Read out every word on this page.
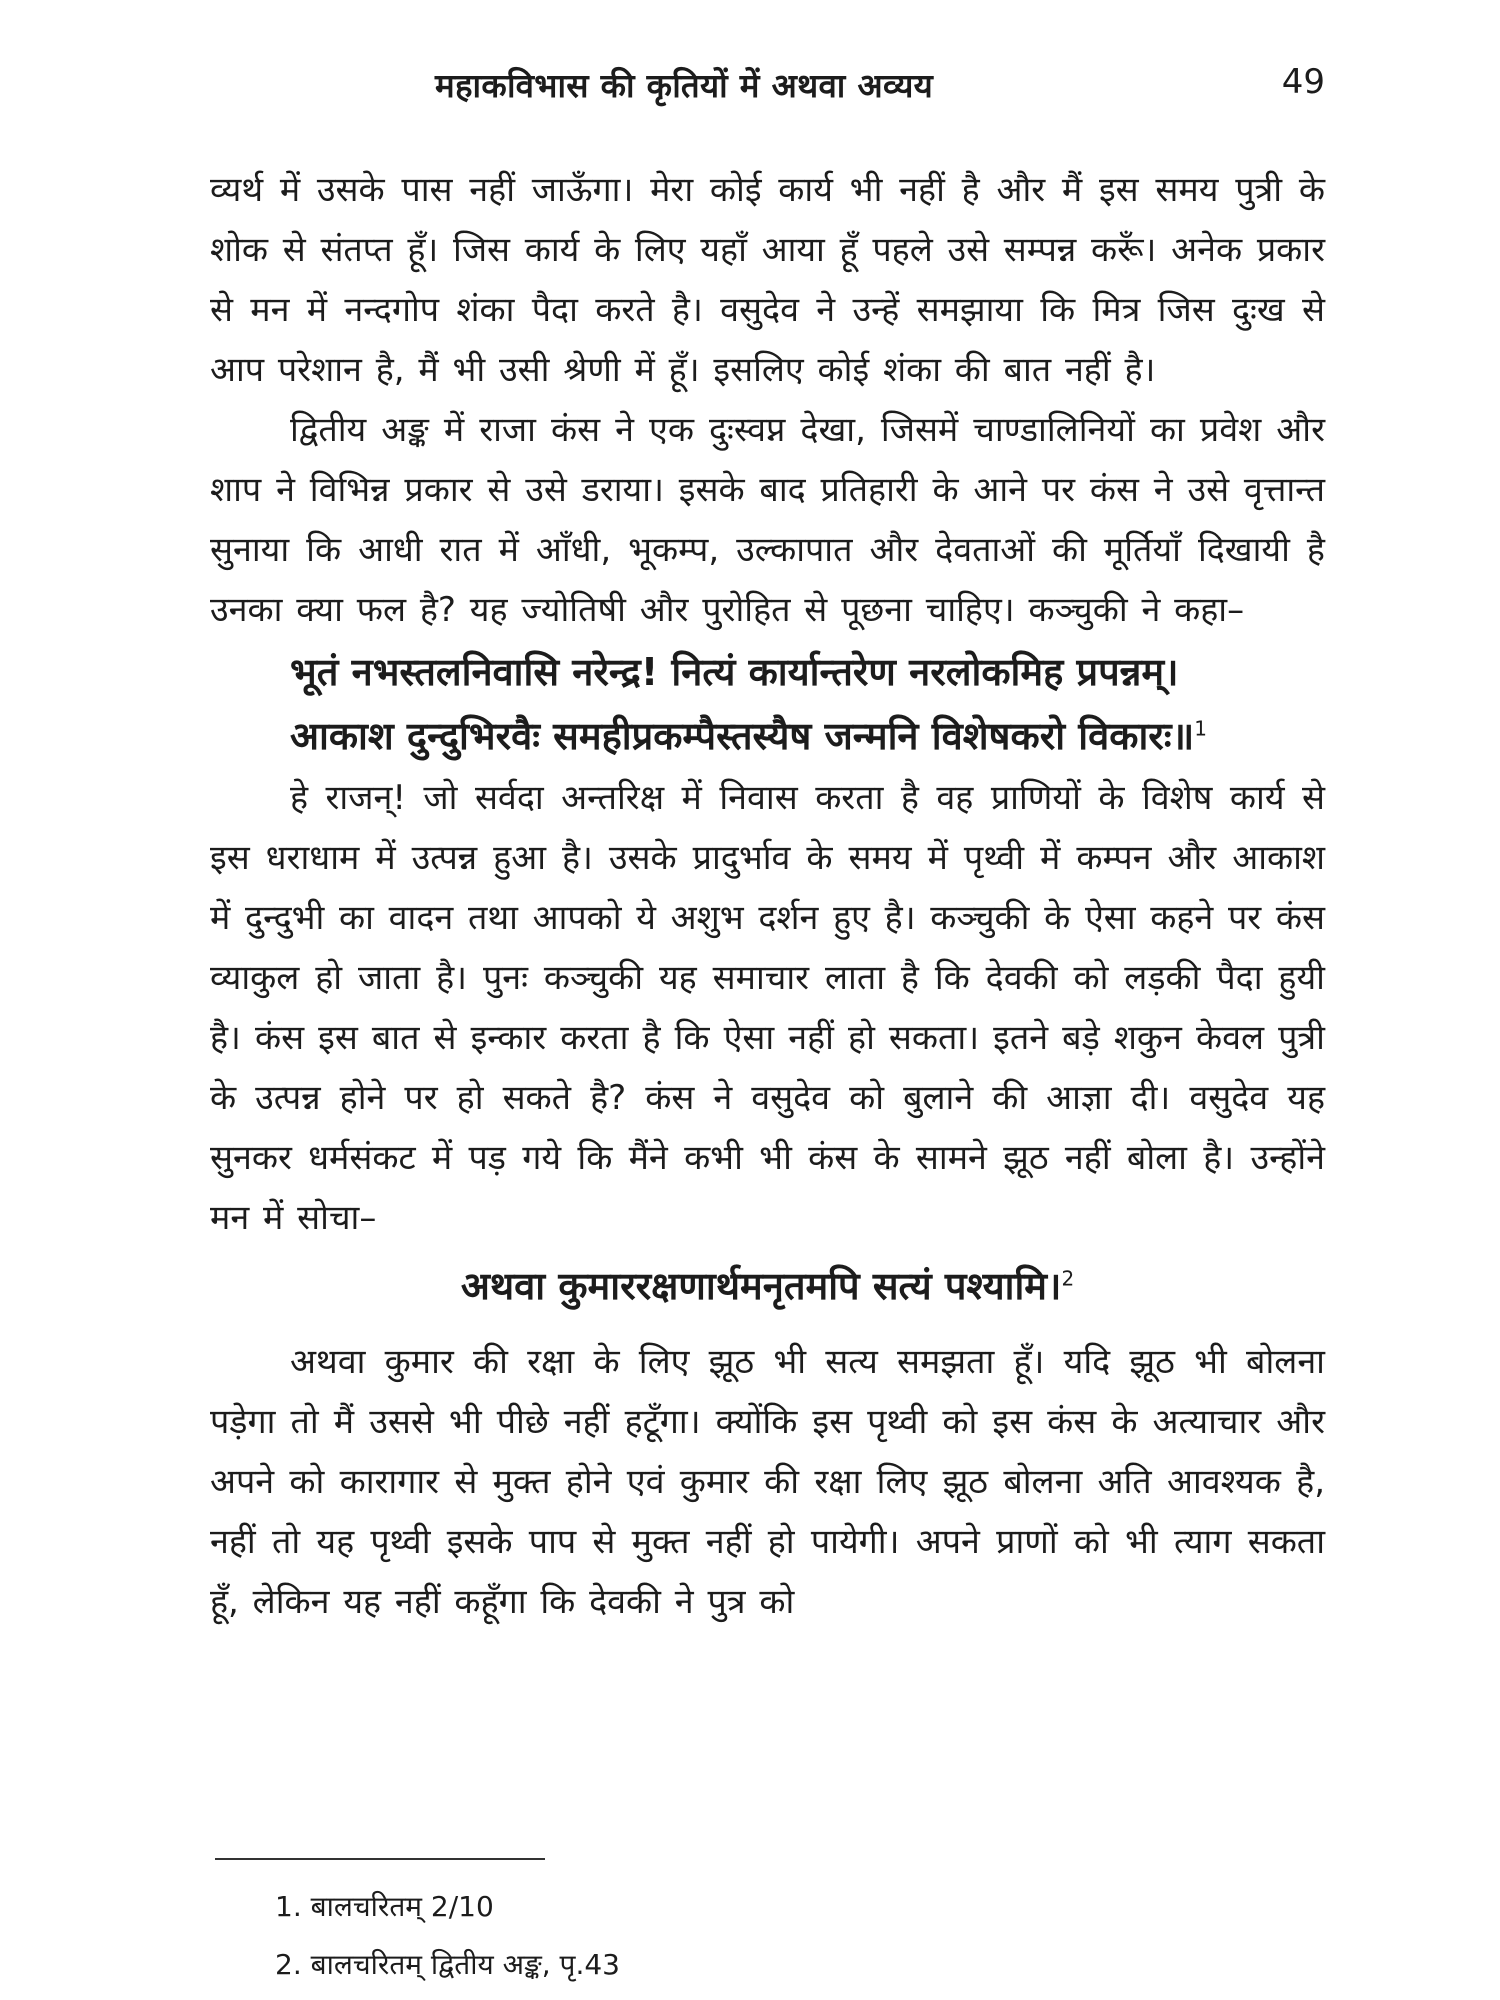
महाकविभास की कृतियों में अथवा अव्यय	49

व्यर्थ में उसके पास नहीं जाऊँगा। मेरा कोई कार्य भी नहीं है और मैं इस समय पुत्री के शोक से संतप्त हूँ। जिस कार्य के लिए यहाँ आया हूँ पहले उसे सम्पन्न करूँ। अनेक प्रकार से मन में नन्दगोप शंका पैदा करते है। वसुदेव ने उन्हें समझाया कि मित्र जिस दुःख से आप परेशान है, मैं भी उसी श्रेणी में हूँ। इसलिए कोई शंका की बात नहीं है।

द्वितीय अङ्क में राजा कंस ने एक दुःस्वप्न देखा, जिसमें चाण्डालिनियों का प्रवेश और शाप ने विभिन्न प्रकार से उसे डराया। इसके बाद प्रतिहारी के आने पर कंस ने उसे वृत्तान्त सुनाया कि आधी रात में आँधी, भूकम्प, उल्कापात और देवताओं की मूर्तियाँ दिखायी है उनका क्या फल है? यह ज्योतिषी और पुरोहित से पूछना चाहिए। कञ्चुकी ने कहा–

भूतं नभस्तलनिवासि नरेन्द्र! नित्यं कार्यान्तरेण नरलोकमिह प्रपन्नम्।
आकाश दुन्दुभिरवैः समहीप्रकम्पैस्तस्यैष जन्मनि विशेषकरो विकारः॥$^1$

हे राजन्! जो सर्वदा अन्तरिक्ष में निवास करता है वह प्राणियों के विशेष कार्य से इस धराधाम में उत्पन्न हुआ है। उसके प्रादुर्भाव के समय में पृथ्वी में कम्पन और आकाश में दुन्दुभी का वादन तथा आपको ये अशुभ दर्शन हुए है। कञ्चुकी के ऐसा कहने पर कंस व्याकुल हो जाता है। पुनः कञ्चुकी यह समाचार लाता है कि देवकी को लड़की पैदा हुयी है। कंस इस बात से इन्कार करता है कि ऐसा नहीं हो सकता। इतने बड़े शकुन केवल पुत्री के उत्पन्न होने पर हो सकते है? कंस ने वसुदेव को बुलाने की आज्ञा दी। वसुदेव यह सुनकर धर्मसंकट में पड़ गये कि मैंने कभी भी कंस के सामने झूठ नहीं बोला है। उन्होंने मन में सोचा–

अथवा कुमाररक्षणार्थमनृतमपि सत्यं पश्यामि।$^2$

अथवा कुमार की रक्षा के लिए झूठ भी सत्य समझता हूँ। यदि झूठ भी बोलना पड़ेगा तो मैं उससे भी पीछे नहीं हटूँगा। क्योंकि इस पृथ्वी को इस कंस के अत्याचार और अपने को कारागार से मुक्त होने एवं कुमार की रक्षा लिए झूठ बोलना अति आवश्यक है, नहीं तो यह पृथ्वी इसके पाप से मुक्त नहीं हो पायेगी। अपने प्राणों को भी त्याग सकता हूँ, लेकिन यह नहीं कहूँगा कि देवकी ने पुत्र को

1. बालचरितम् 2/10
2. बालचरितम् द्वितीय अङ्क, पृ.43
